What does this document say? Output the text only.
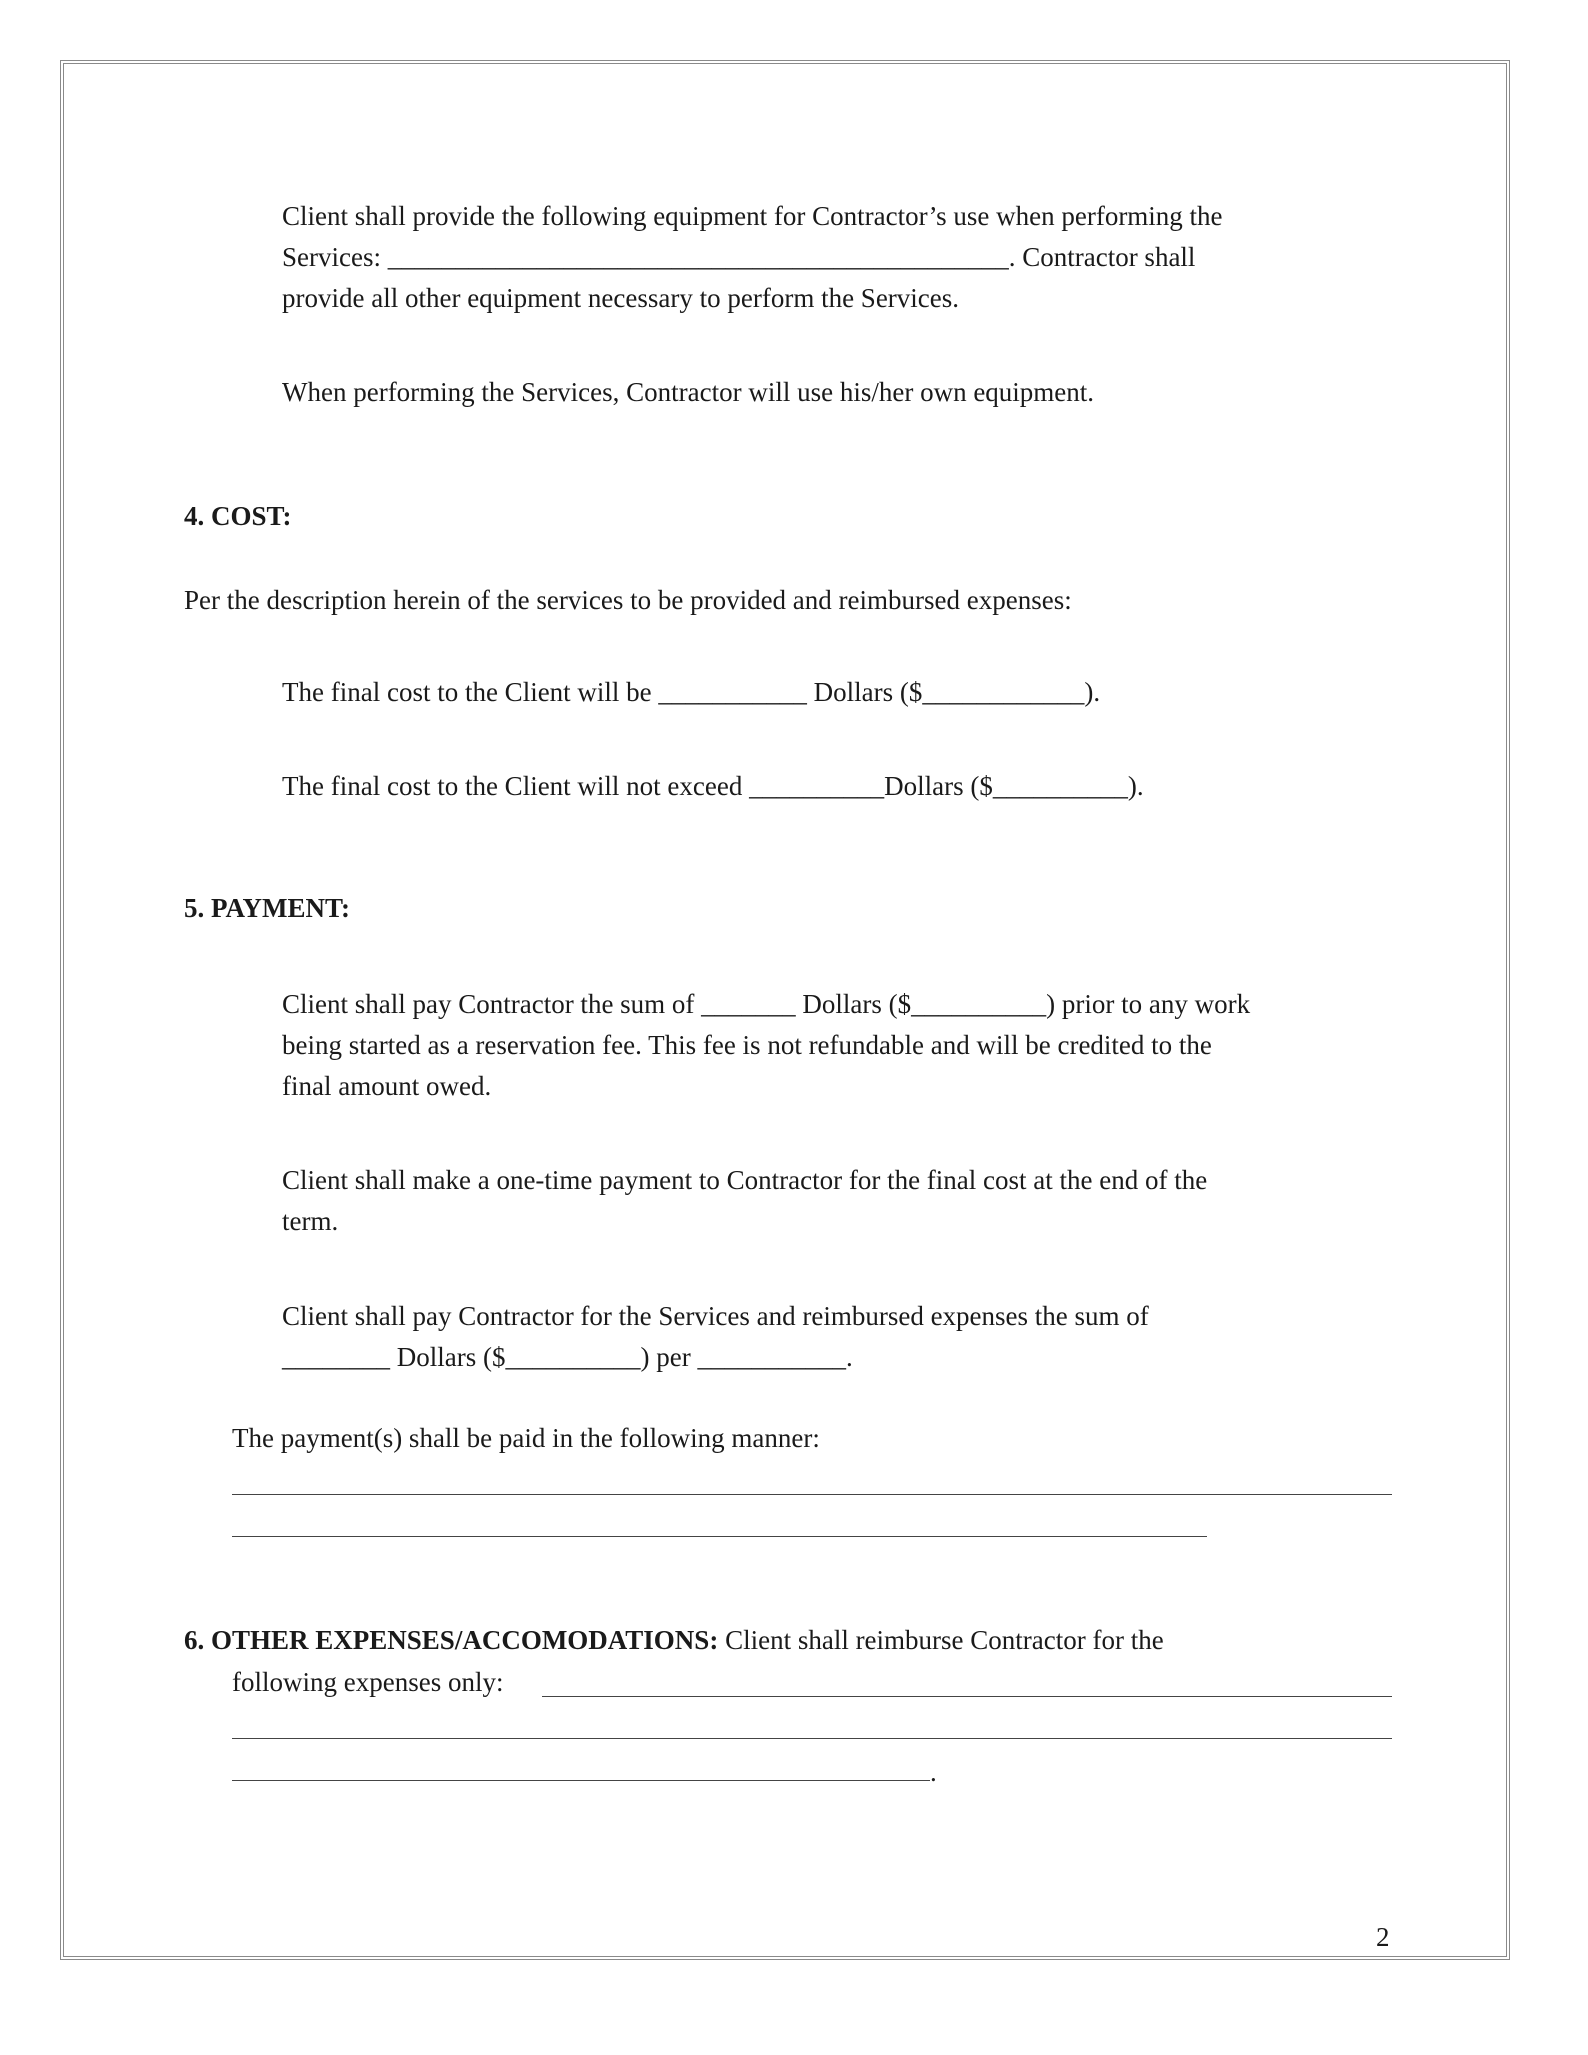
Client shall provide the following equipment for Contractor’s use when performing the
Services: ______________________________________________. Contractor shall
provide all other equipment necessary to perform the Services.
When performing the Services, Contractor will use his/her own equipment.
4. COST:
Per the description herein of the services to be provided and reimbursed expenses:
The final cost to the Client will be ___________ Dollars ($____________).
The final cost to the Client will not exceed __________Dollars ($__________).
5. PAYMENT:
Client shall pay Contractor the sum of _______ Dollars ($__________) prior to any work
being started as a reservation fee. This fee is not refundable and will be credited to the
final amount owed.
Client shall make a one-time payment to Contractor for the final cost at the end of the
term.
Client shall pay Contractor for the Services and reimbursed expenses the sum of
________ Dollars ($__________) per ___________.
The payment(s) shall be paid in the following manner:
6. OTHER EXPENSES/ACCOMODATIONS: Client shall reimburse Contractor for the
following expenses only:
.
2
